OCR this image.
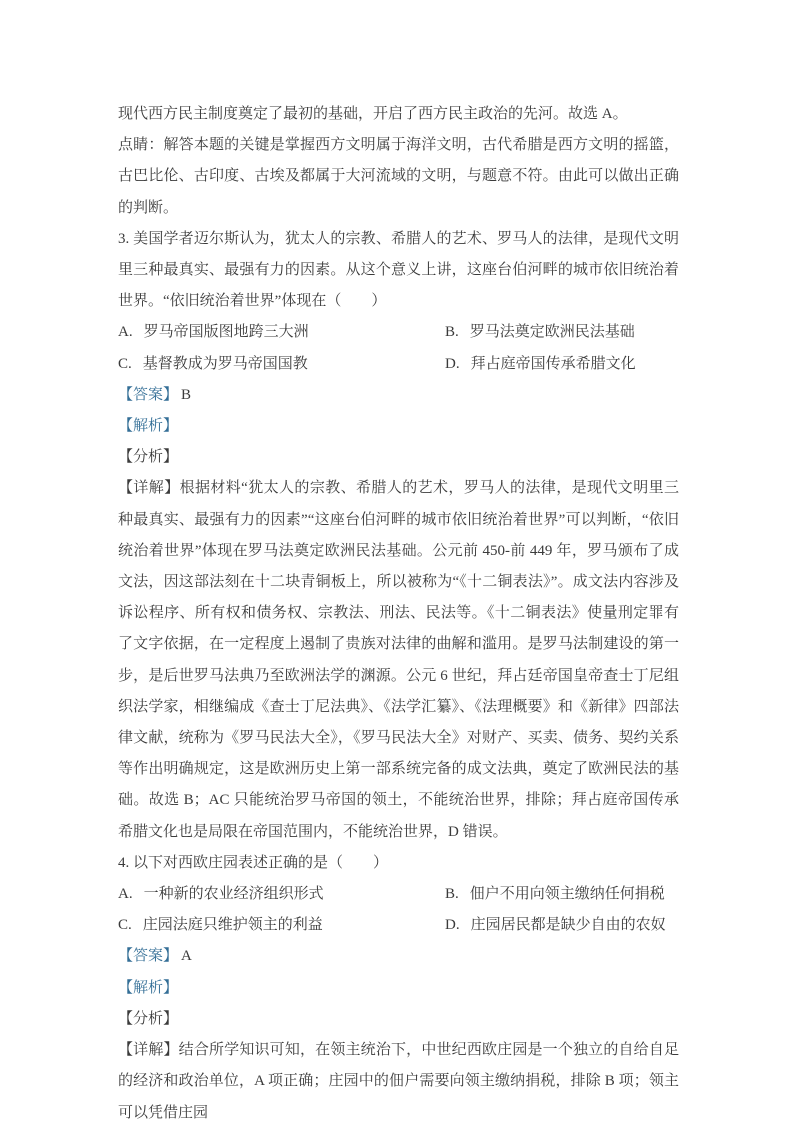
现代西方民主制度奠定了最初的基础，开启了西方民主政治的先河。故选 A。

点睛：解答本题的关键是掌握西方文明属于海洋文明，古代希腊是西方文明的摇篮，古巴比伦、古印度、古埃及都属于大河流域的文明，与题意不符。由此可以做出正确的判断。

3. 美国学者迈尔斯认为，犹太人的宗教、希腊人的艺术、罗马人的法律，是现代文明里三种最真实、最强有力的因素。从这个意义上讲，这座台伯河畔的城市依旧统治着世界。“依旧统治着世界”体现在（　　）

A. 罗马帝国版图地跨三大洲	B. 罗马法奠定欧洲民法基础
C. 基督教成为罗马帝国国教	D. 拜占庭帝国传承希腊文化

【答案】 B

【解析】

【分析】

【详解】根据材料“犹太人的宗教、希腊人的艺术，罗马人的法律，是现代文明里三种最真实、最强有力的因素”“这座台伯河畔的城市依旧统治着世界”可以判断，“依旧统治着世界”体现在罗马法奠定欧洲民法基础。公元前 450-前 449 年，罗马颁布了成文法，因这部法刻在十二块青铜板上，所以被称为“《十二铜表法》”。成文法内容涉及诉讼程序、所有权和债务权、宗教法、刑法、民法等。《十二铜表法》使量刑定罪有了文字依据，在一定程度上遏制了贵族对法律的曲解和滥用。是罗马法制建设的第一步，是后世罗马法典乃至欧洲法学的渊源。公元 6 世纪，拜占廷帝国皇帝查士丁尼组织法学家，相继编成《查士丁尼法典》、《法学汇纂》、《法理概要》和《新律》四部法律文献，统称为《罗马民法大全》，《罗马民法大全》对财产、买卖、债务、契约关系等作出明确规定，这是欧洲历史上第一部系统完备的成文法典，奠定了欧洲民法的基础。故选 B；AC 只能统治罗马帝国的领土，不能统治世界，排除；拜占庭帝国传承希腊文化也是局限在帝国范围内，不能统治世界，D 错误。

4. 以下对西欧庄园表述正确的是（　　）

A. 一种新的农业经济组织形式	B. 佃户不用向领主缴纳任何捐税
C. 庄园法庭只维护领主的利益	D. 庄园居民都是缺少自由的农奴

【答案】 A

【解析】

【分析】

【详解】结合所学知识可知，在领主统治下，中世纪西欧庄园是一个独立的自给自足的经济和政治单位，A 项正确；庄园中的佃户需要向领主缴纳捐税，排除 B 项；领主可以凭借庄园
